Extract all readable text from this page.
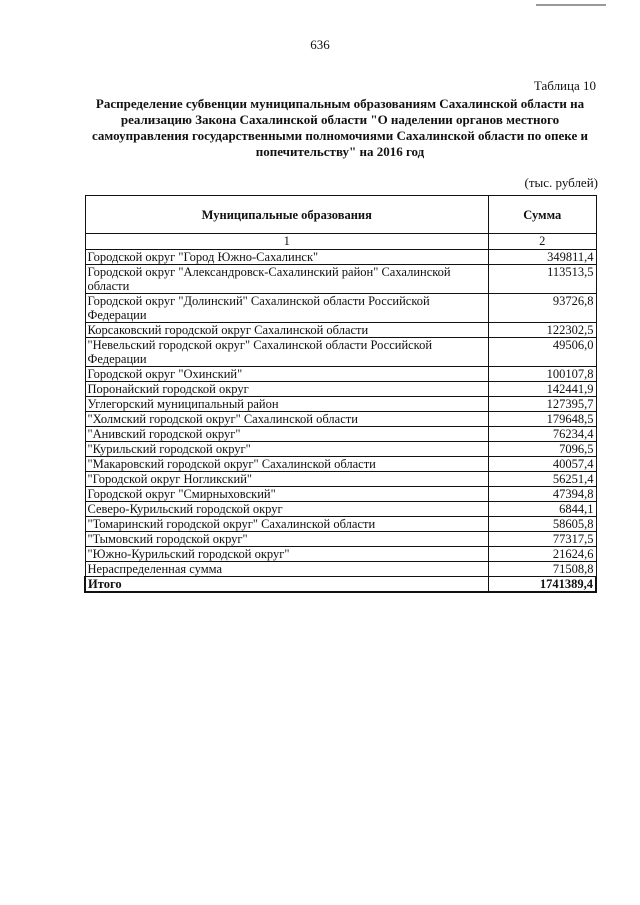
636
Таблица 10
Распределение субвенции муниципальным образованиям Сахалинской области на реализацию Закона Сахалинской области "О наделении органов местного самоуправления государственными полномочиями Сахалинской области по опеке и попечительству" на 2016 год
(тыс. рублей)
Муниципальные образования	Сумма
1	2
Городской округ "Город Южно-Сахалинск"	349811,4
Городской округ "Александровск-Сахалинский район" Сахалинской области	113513,5
Городской округ "Долинский" Сахалинской области Российской Федерации	93726,8
Корсаковский городской округ Сахалинской области	122302,5
"Невельский городской округ" Сахалинской области Российской Федерации	49506,0
Городской округ "Охинский"	100107,8
Поронайский городской округ	142441,9
Углегорский муниципальный район	127395,7
"Холмский городской округ" Сахалинской области	179648,5
"Анивский городской округ"	76234,4
"Курильский городской округ"	7096,5
"Макаровский городской округ" Сахалинской области	40057,4
"Городской округ Ногликский"	56251,4
Городской округ "Смирныховский"	47394,8
Северо-Курильский городской округ	6844,1
"Томаринский городской округ" Сахалинской области	58605,8
"Тымовский городской округ"	77317,5
"Южно-Курильский городской округ"	21624,6
Нераспределенная сумма	71508,8
Итого	1741389,4
